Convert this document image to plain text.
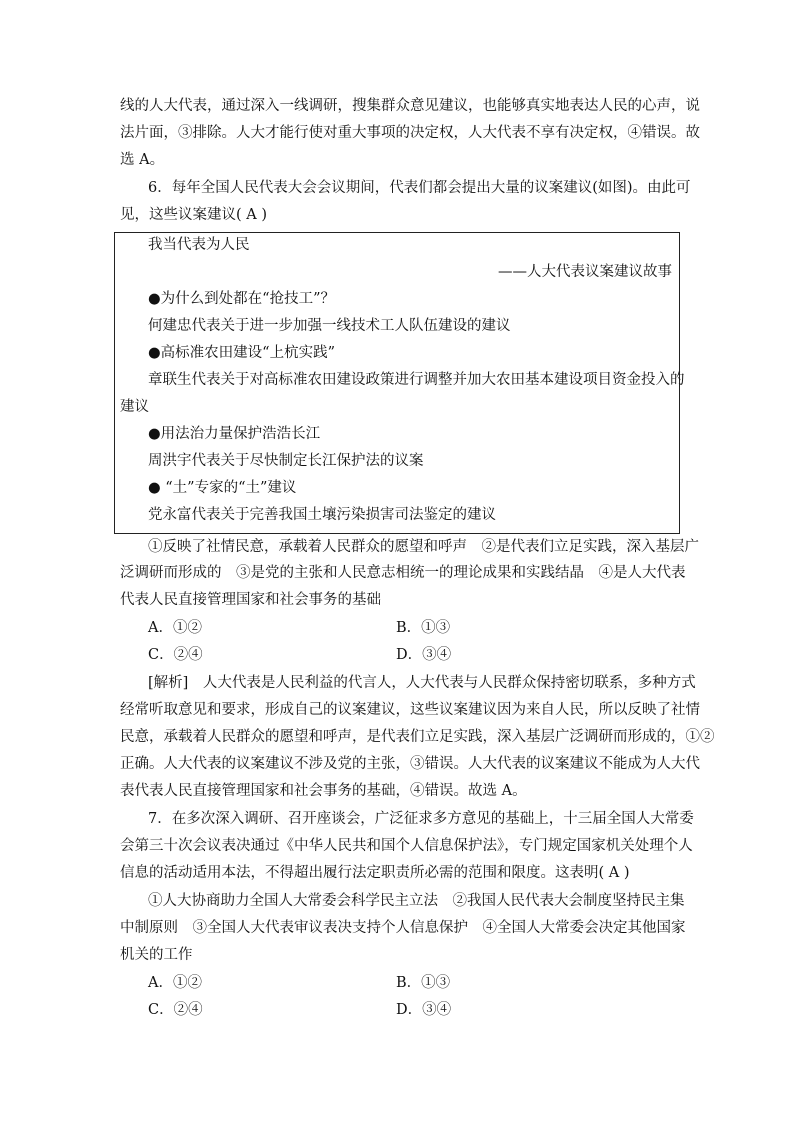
线的人大代表，通过深入一线调研，搜集群众意见建议，也能够真实地表达人民的心声，说
法片面，③排除。人大才能行使对重大事项的决定权，人大代表不享有决定权，④错误。故
选 A。
6．每年全国人民代表大会会议期间，代表们都会提出大量的议案建议(如图)。由此可
见，这些议案建议( A )
我当代表为人民
——人大代表议案建议故事
●为什么到处都在“抢技工”？
何建忠代表关于进一步加强一线技术工人队伍建设的建议
●高标准农田建设“上杭实践”
章联生代表关于对高标准农田建设政策进行调整并加大农田基本建设项目资金投入的
建议
●用法治力量保护浩浩长江
周洪宇代表关于尽快制定长江保护法的议案
● “土”专家的“土”建议
党永富代表关于完善我国土壤污染损害司法鉴定的建议
①反映了社情民意，承载着人民群众的愿望和呼声　②是代表们立足实践，深入基层广
泛调研而形成的　③是党的主张和人民意志相统一的理论成果和实践结晶　④是人大代表
代表人民直接管理国家和社会事务的基础
A．①②	B．①③
C．②④	D．③④
[解析]　人大代表是人民利益的代言人，人大代表与人民群众保持密切联系，多种方式
经常听取意见和要求，形成自己的议案建议，这些议案建议因为来自人民，所以反映了社情
民意，承载着人民群众的愿望和呼声，是代表们立足实践，深入基层广泛调研而形成的，①②
正确。人大代表的议案建议不涉及党的主张，③错误。人大代表的议案建议不能成为人大代
表代表人民直接管理国家和社会事务的基础，④错误。故选 A。
7．在多次深入调研、召开座谈会，广泛征求多方意见的基础上，十三届全国人大常委
会第三十次会议表决通过《中华人民共和国个人信息保护法》，专门规定国家机关处理个人
信息的活动适用本法，不得超出履行法定职责所必需的范围和限度。这表明( A )
①人大协商助力全国人大常委会科学民主立法　②我国人民代表大会制度坚持民主集
中制原则　③全国人大代表审议表决支持个人信息保护　④全国人大常委会决定其他国家
机关的工作
A．①②	B．①③
C．②④	D．③④
